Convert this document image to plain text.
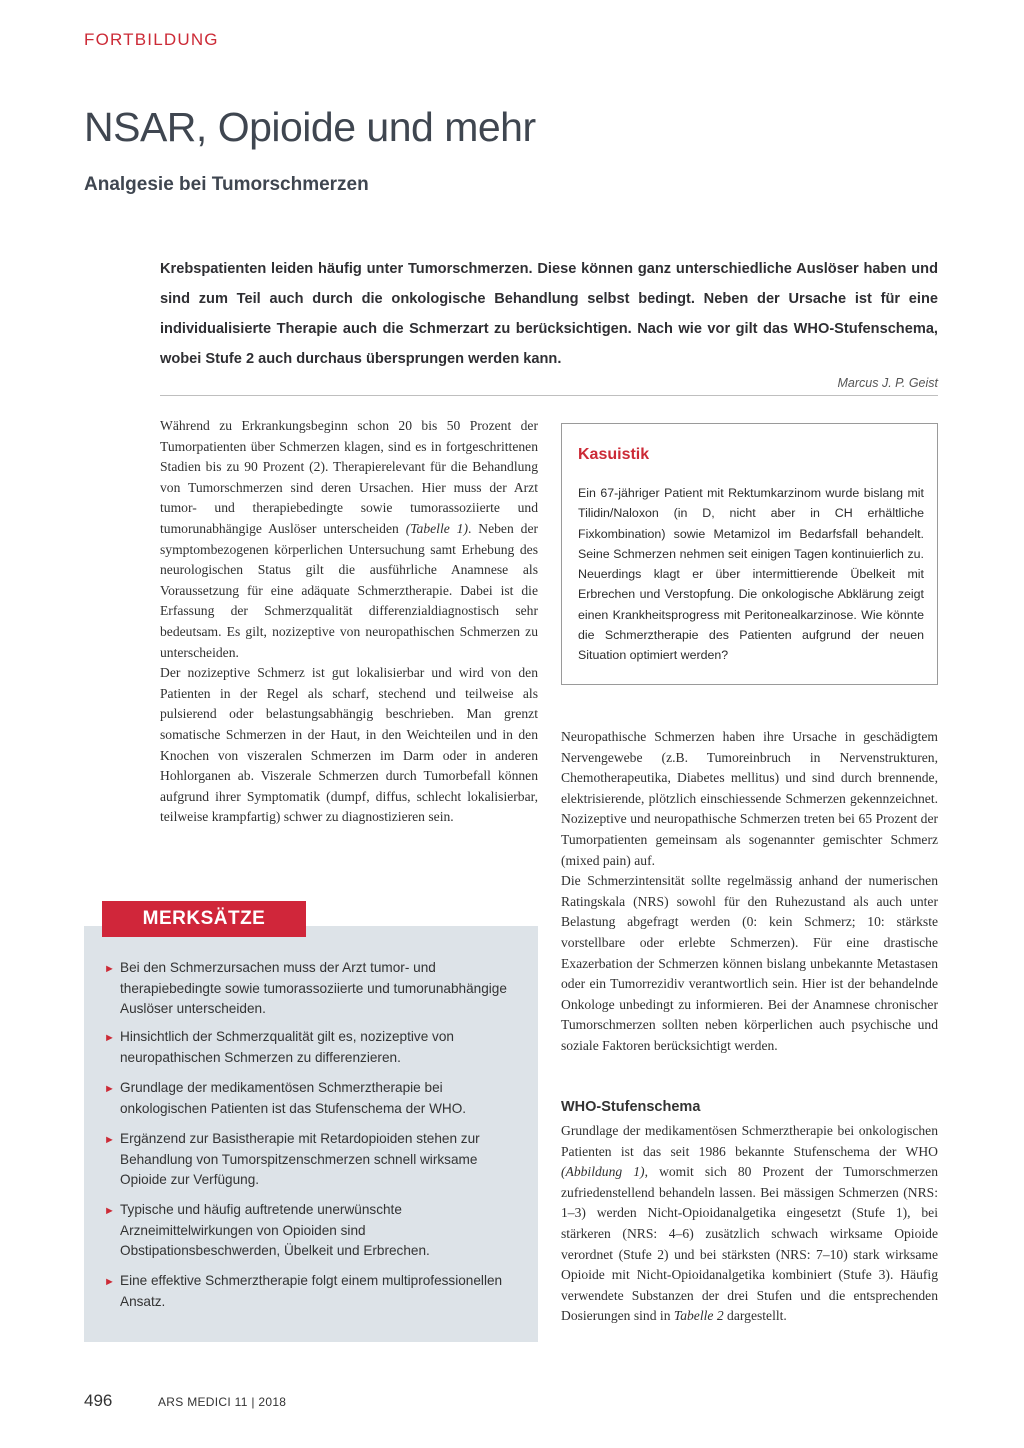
FORTBILDUNG
NSAR, Opioide und mehr
Analgesie bei Tumorschmerzen

Krebspatienten leiden häufig unter Tumorschmerzen. Diese können ganz unterschiedliche Auslöser haben und sind zum Teil auch durch die onkologische Behandlung selbst bedingt. Neben der Ursache ist für eine individualisierte Therapie auch die Schmerzart zu berücksichtigen. Nach wie vor gilt das WHO-Stufenschema, wobei Stufe 2 auch durchaus übersprungen werden kann.

Marcus J. P. Geist

Während zu Erkrankungsbeginn schon 20 bis 50 Prozent der Tumorpatienten über Schmerzen klagen, sind es in fortgeschrittenen Stadien bis zu 90 Prozent (2). Therapierelevant für die Behandlung von Tumorschmerzen sind deren Ursachen. Hier muss der Arzt tumor- und therapiebedingte sowie tumorassoziierte und tumorunabhängige Auslöser unterscheiden (Tabelle 1). Neben der symptombezogenen körperlichen Untersuchung samt Erhebung des neurologischen Status gilt die ausführliche Anamnese als Voraussetzung für eine adäquate Schmerztherapie. Dabei ist die Erfassung der Schmerzqualität differenzialdiagnostisch sehr bedeutsam. Es gilt, nozizeptive von neuropathischen Schmerzen zu unterscheiden.

Der nozizeptive Schmerz ist gut lokalisierbar und wird von den Patienten in der Regel als scharf, stechend und teilweise als pulsierend oder belastungsabhängig beschrieben. Man grenzt somatische Schmerzen in der Haut, in den Weichteilen und in den Knochen von viszeralen Schmerzen im Darm oder in anderen Hohlorganen ab. Viszerale Schmerzen durch Tumorbefall können aufgrund ihrer Symptomatik (dumpf, diffus, schlecht lokalisierbar, teilweise krampfartig) schwer zu diagnostizieren sein.

Kasuistik

Ein 67-jähriger Patient mit Rektumkarzinom wurde bislang mit Tilidin/Naloxon (in D, nicht aber in CH erhältliche Fixkombination) sowie Metamizol im Bedarfsfall behandelt. Seine Schmerzen nehmen seit einigen Tagen kontinuierlich zu. Neuerdings klagt er über intermittierende Übelkeit mit Erbrechen und Verstopfung. Die onkologische Abklärung zeigt einen Krankheitsprogress mit Peritonealkarzinose. Wie könnte die Schmerztherapie des Patienten aufgrund der neuen Situation optimiert werden?

Neuropathische Schmerzen haben ihre Ursache in geschädigtem Nervengewebe (z.B. Tumoreinbruch in Nervenstrukturen, Chemotherapeutika, Diabetes mellitus) und sind durch brennende, elektrisierende, plötzlich einschiessende Schmerzen gekennzeichnet. Nozizeptive und neuropathische Schmerzen treten bei 65 Prozent der Tumorpatienten gemeinsam als sogenannter gemischter Schmerz (mixed pain) auf.

Die Schmerzintensität sollte regelmässig anhand der numerischen Ratingskala (NRS) sowohl für den Ruhezustand als auch unter Belastung abgefragt werden (0: kein Schmerz; 10: stärkste vorstellbare oder erlebte Schmerzen). Für eine drastische Exazerbation der Schmerzen können bislang unbekannte Metastasen oder ein Tumorrezidiv verantwortlich sein. Hier ist der behandelnde Onkologe unbedingt zu informieren. Bei der Anamnese chronischer Tumorschmerzen sollten neben körperlichen auch psychische und soziale Faktoren berücksichtigt werden.

WHO-Stufenschema

Grundlage der medikamentösen Schmerztherapie bei onkologischen Patienten ist das seit 1986 bekannte Stufenschema der WHO (Abbildung 1), womit sich 80 Prozent der Tumorschmerzen zufriedenstellend behandeln lassen. Bei mässigen Schmerzen (NRS: 1–3) werden Nicht-Opioidanalgetika eingesetzt (Stufe 1), bei stärkeren (NRS: 4–6) zusätzlich schwach wirksame Opioide verordnet (Stufe 2) und bei stärksten (NRS: 7–10) stark wirksame Opioide mit Nicht-Opioidanalgetika kombiniert (Stufe 3). Häufig verwendete Substanzen der drei Stufen und die entsprechenden Dosierungen sind in Tabelle 2 dargestellt.

MERKSÄTZE
► Bei den Schmerzursachen muss der Arzt tumor- und therapiebedingte sowie tumorassoziierte und tumorunabhängige Auslöser unterscheiden.
► Hinsichtlich der Schmerzqualität gilt es, nozizeptive von neuropathischen Schmerzen zu differenzieren.
► Grundlage der medikamentösen Schmerztherapie bei onkologischen Patienten ist das Stufenschema der WHO.
► Ergänzend zur Basistherapie mit Retardopioiden stehen zur Behandlung von Tumorspitzenschmerzen schnell wirksame Opioide zur Verfügung.
► Typische und häufig auftretende unerwünschte Arzneimittelwirkungen von Opioiden sind Obstipationsbeschwerden, Übelkeit und Erbrechen.
► Eine effektive Schmerztherapie folgt einem multiprofessionellen Ansatz.
496	ARS MEDICI 11 | 2018
